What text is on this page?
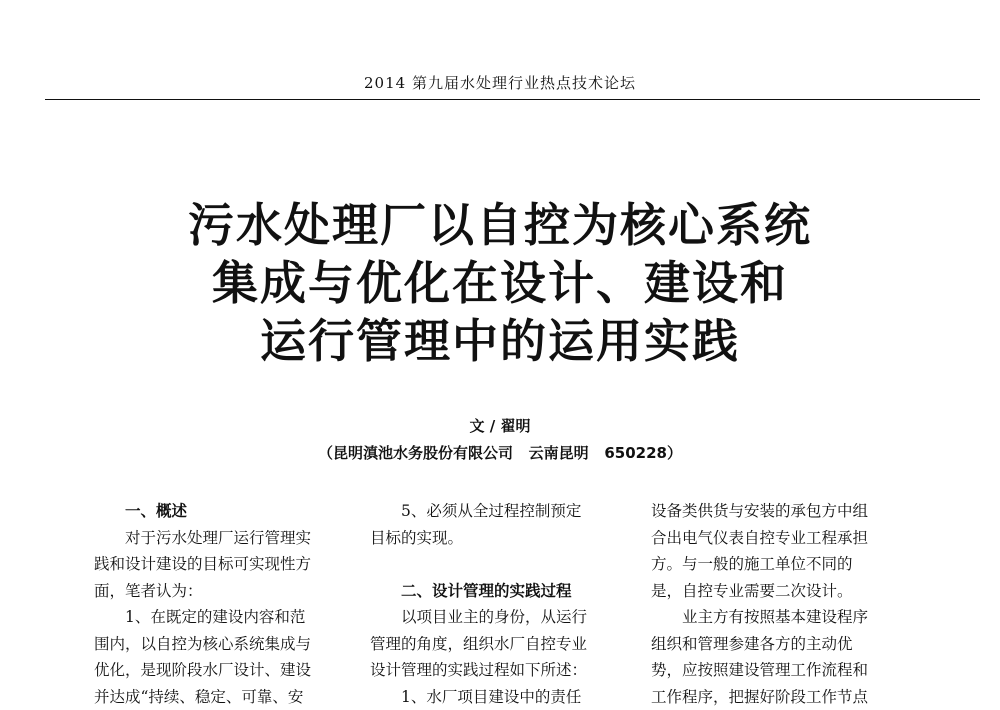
2014 第九届水处理行业热点技术论坛
污水处理厂以自控为核心系统
集成与优化在设计、建设和
运行管理中的运用实践
文 / 翟明
（昆明滇池水务股份有限公司   云南昆明   650228）
一、概述
对于污水处理厂运行管理实
践和设计建设的目标可实现性方
面，笔者认为：
1、在既定的建设内容和范
围内，以自控为核心系统集成与
优化，是现阶段水厂设计、建设
并达成“持续、稳定、可靠、安
5、必须从全过程控制预定
目标的实现。

二、设计管理的实践过程
以项目业主的身份，从运行
管理的角度，组织水厂自控专业
设计管理的实践过程如下所述：
1、水厂项目建设中的责任
设备类供货与安装的承包方中组
合出电气仪表自控专业工程承担
方。与一般的施工单位不同的
是，自控专业需要二次设计。
业主方有按照基本建设程序
组织和管理参建各方的主动优
势，应按照建设管理工作流程和
工作程序，把握好阶段工作节点
